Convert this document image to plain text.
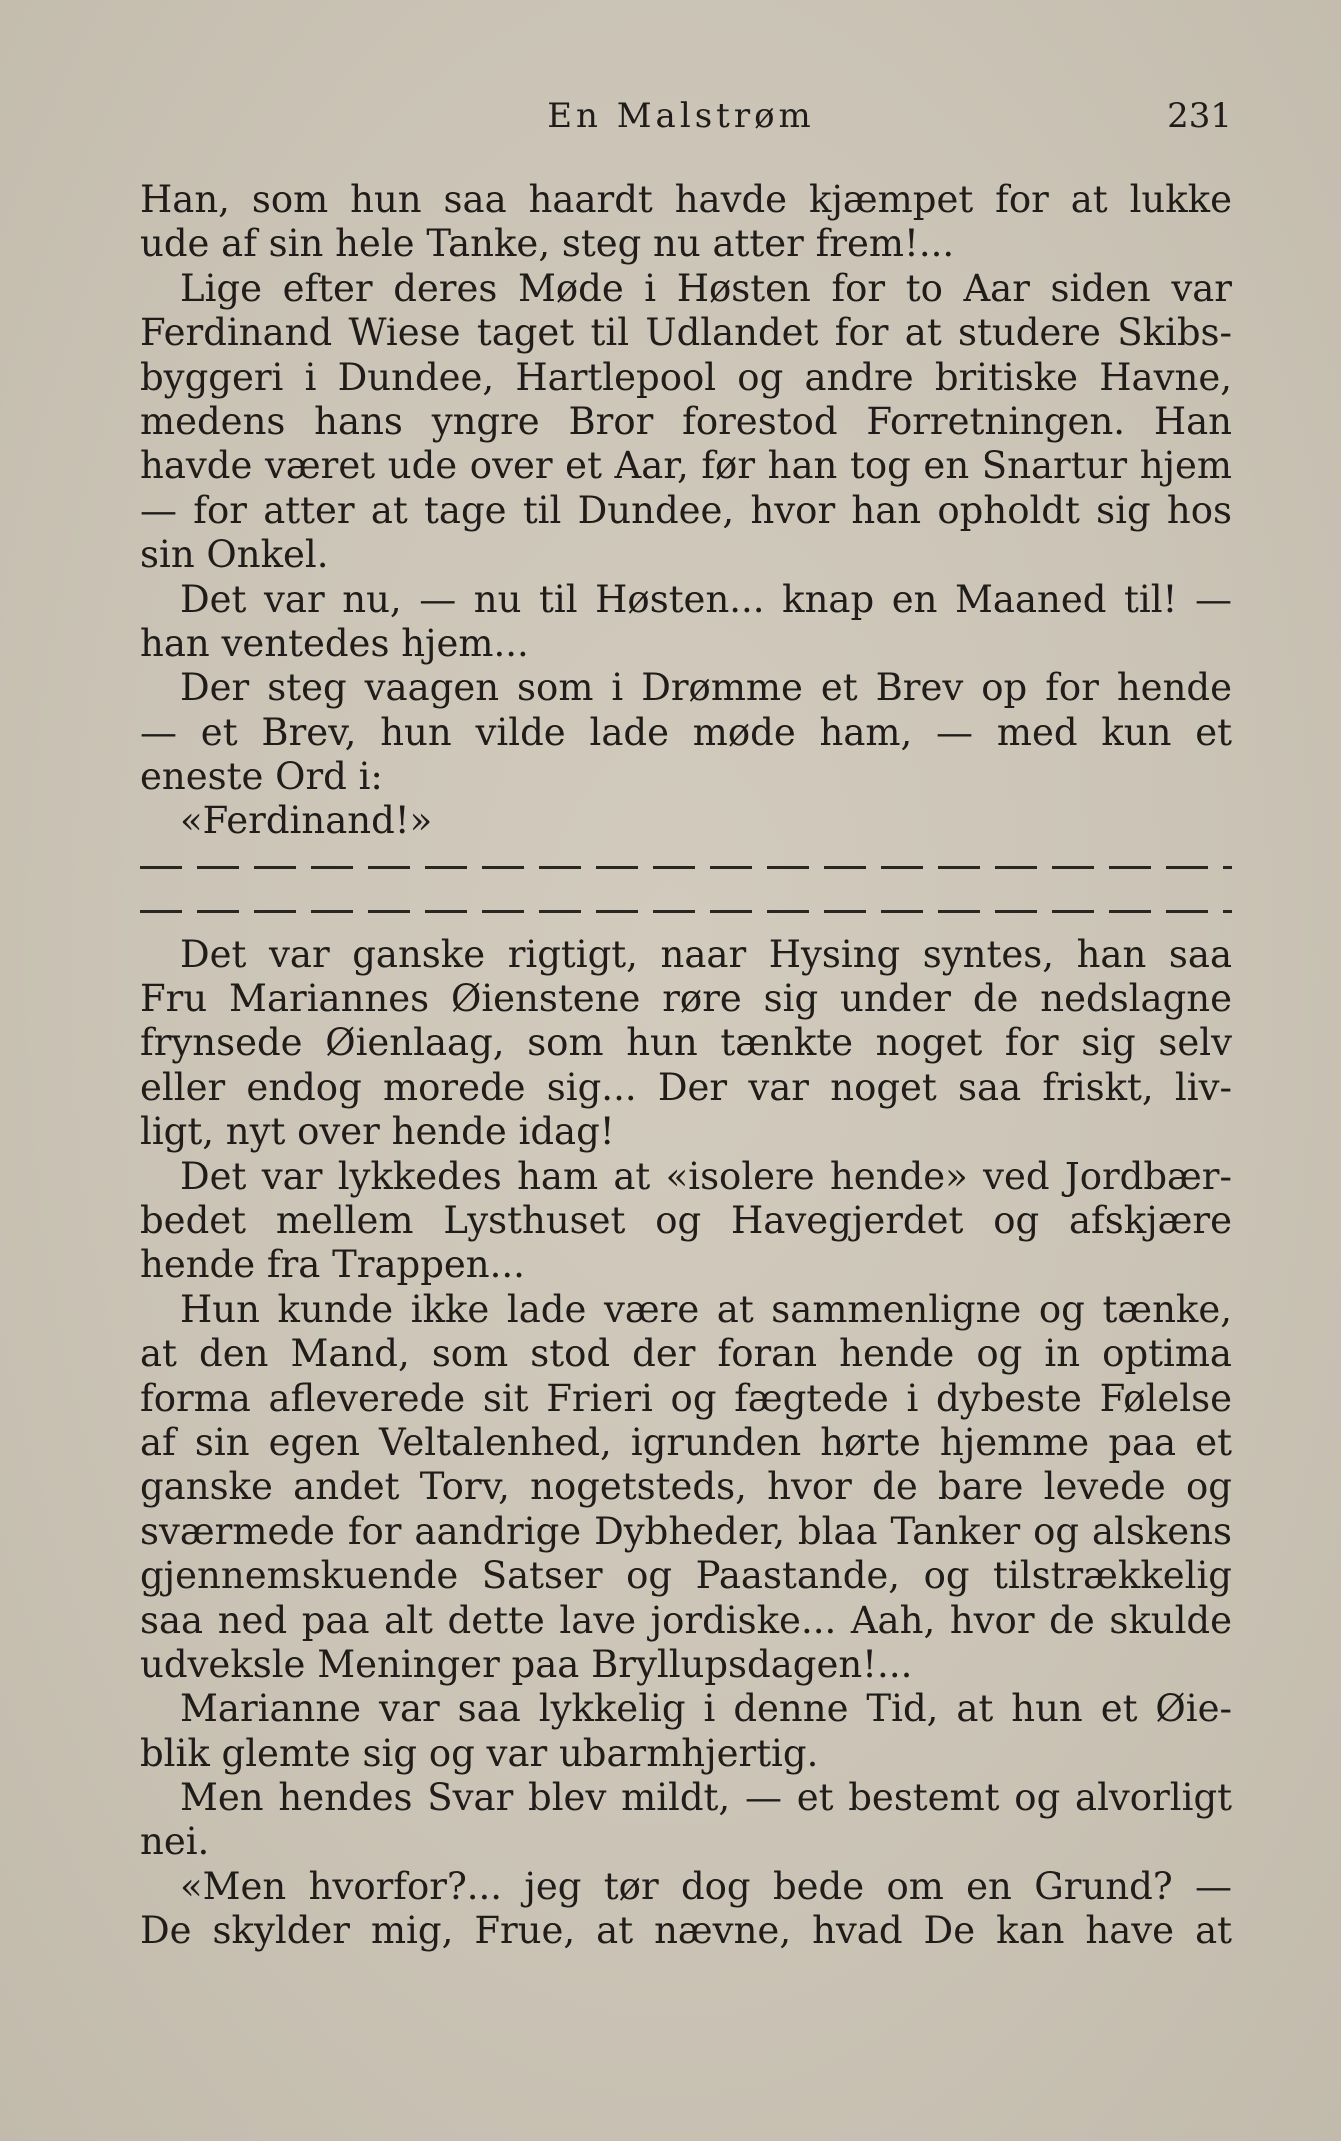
En Malstrøm	231
Han, som hun saa haardt havde kjæmpet for at lukke
ude af sin hele Tanke, steg nu atter frem!...
Lige efter deres Møde i Høsten for to Aar siden var
Ferdinand Wiese taget til Udlandet for at studere Skibs-
byggeri i Dundee, Hartlepool og andre britiske Havne,
medens hans yngre Bror forestod Forretningen. Han
havde været ude over et Aar, før han tog en Snartur hjem
— for atter at tage til Dundee, hvor han opholdt sig hos
sin Onkel.
Det var nu, — nu til Høsten... knap en Maaned til! —
han ventedes hjem...
Der steg vaagen som i Drømme et Brev op for hende
— et Brev, hun vilde lade møde ham, — med kun et
eneste Ord i:
«Ferdinand!»
Det var ganske rigtigt, naar Hysing syntes, han saa
Fru Mariannes Øienstene røre sig under de nedslagne
frynsede Øienlaag, som hun tænkte noget for sig selv
eller endog morede sig... Der var noget saa friskt, liv-
ligt, nyt over hende idag!
Det var lykkedes ham at «isolere hende» ved Jordbær-
bedet mellem Lysthuset og Havegjerdet og afskjære
hende fra Trappen...
Hun kunde ikke lade være at sammenligne og tænke,
at den Mand, som stod der foran hende og in optima
forma afleverede sit Frieri og fægtede i dybeste Følelse
af sin egen Veltalenhed, igrunden hørte hjemme paa et
ganske andet Torv, nogetsteds, hvor de bare levede og
sværmede for aandrige Dybheder, blaa Tanker og alskens
gjennemskuende Satser og Paastande, og tilstrækkelig
saa ned paa alt dette lave jordiske... Aah, hvor de skulde
udveksle Meninger paa Bryllupsdagen!...
Marianne var saa lykkelig i denne Tid, at hun et Øie-
blik glemte sig og var ubarmhjertig.
Men hendes Svar blev mildt, — et bestemt og alvorligt
nei.
«Men hvorfor?... jeg tør dog bede om en Grund? —
De skylder mig, Frue, at nævne, hvad De kan have at
